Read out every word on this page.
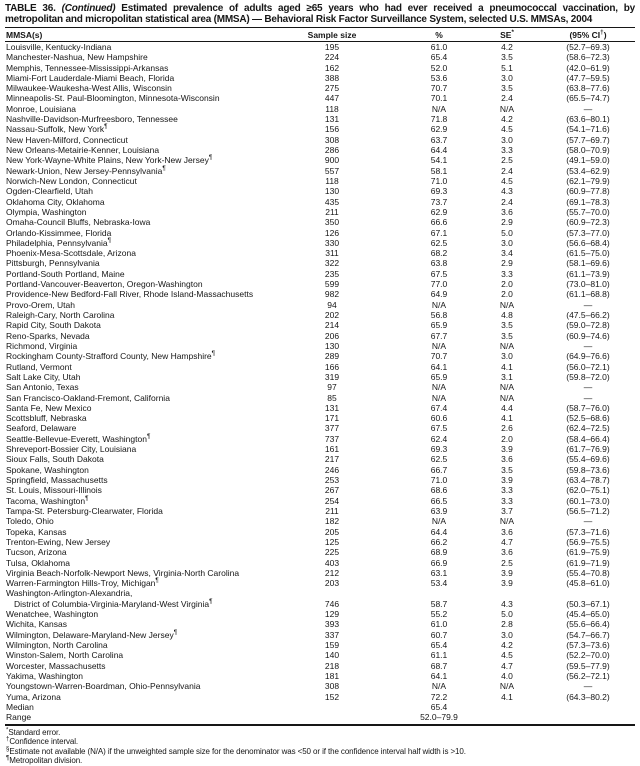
TABLE 36. (Continued) Estimated prevalence of adults aged ≥65 years who had ever received a pneumococcal vaccination, by metropolitan and micropolitan statistical area (MMSA) — Behavioral Risk Factor Surveillance System, selected U.S. MMSAs, 2004

MMSA(s)	Sample size	%	SE*	(95% CI†)

Louisville, Kentucky-Indiana	195	61.0	4.2	(52.7–69.3)

Manchester-Nashua, New Hampshire	224	65.4	3.5	(58.6–72.3)

Memphis, Tennessee-Mississippi-Arkansas	162	52.0	5.1	(42.0–61.9)

Miami-Fort Lauderdale-Miami Beach, Florida	388	53.6	3.0	(47.7–59.5)

Milwaukee-Waukesha-West Allis, Wisconsin	275	70.7	3.5	(63.8–77.6)

Minneapolis-St. Paul-Bloomington, Minnesota-Wisconsin	447	70.1	2.4	(65.5–74.7)

Monroe, Louisiana	118	N/A	N/A	—

Nashville-Davidson-Murfreesboro, Tennessee	131	71.8	4.2	(63.6–80.1)

Nassau-Suffolk, New York¶	156	62.9	4.5	(54.1–71.6)

New Haven-Milford, Connecticut	308	63.7	3.0	(57.7–69.7)

New Orleans-Metairie-Kenner, Louisiana	286	64.4	3.3	(58.0–70.9)

New York-Wayne-White Plains, New York-New Jersey¶	900	54.1	2.5	(49.1–59.0)

Newark-Union, New Jersey-Pennsylvania¶	557	58.1	2.4	(53.4–62.9)

Norwich-New London, Connecticut	118	71.0	4.5	(62.1–79.9)

Ogden-Clearfield, Utah	130	69.3	4.3	(60.9–77.8)

Oklahoma City, Oklahoma	435	73.7	2.4	(69.1–78.3)

Olympia, Washington	211	62.9	3.6	(55.7–70.0)

Omaha-Council Bluffs, Nebraska-Iowa	350	66.6	2.9	(60.9–72.3)

Orlando-Kissimmee, Florida	126	67.1	5.0	(57.3–77.0)

Philadelphia, Pennsylvania¶	330	62.5	3.0	(56.6–68.4)

Phoenix-Mesa-Scottsdale, Arizona	311	68.2	3.4	(61.5–75.0)

Pittsburgh, Pennsylvania	322	63.8	2.9	(58.1–69.6)

Portland-South Portland, Maine	235	67.5	3.3	(61.1–73.9)

Portland-Vancouver-Beaverton, Oregon-Washington	599	77.0	2.0	(73.0–81.0)

Providence-New Bedford-Fall River, Rhode Island-Massachusetts	982	64.9	2.0	(61.1–68.8)

Provo-Orem, Utah	94	N/A	N/A	—

Raleigh-Cary, North Carolina	202	56.8	4.8	(47.5–66.2)

Rapid City, South Dakota	214	65.9	3.5	(59.0–72.8)

Reno-Sparks, Nevada	206	67.7	3.5	(60.9–74.6)

Richmond, Virginia	130	N/A	N/A	—

Rockingham County-Strafford County, New Hampshire¶	289	70.7	3.0	(64.9–76.6)

Rutland, Vermont	166	64.1	4.1	(56.0–72.1)

Salt Lake City, Utah	319	65.9	3.1	(59.8–72.0)

San Antonio, Texas	97	N/A	N/A	—

San Francisco-Oakland-Fremont, California	85	N/A	N/A	—

Santa Fe, New Mexico	131	67.4	4.4	(58.7–76.0)

Scottsbluff, Nebraska	171	60.6	4.1	(52.5–68.6)

Seaford, Delaware	377	67.5	2.6	(62.4–72.5)

Seattle-Bellevue-Everett, Washington¶	737	62.4	2.0	(58.4–66.4)

Shreveport-Bossier City, Louisiana	161	69.3	3.9	(61.7–76.9)

Sioux Falls, South Dakota	217	62.5	3.6	(55.4–69.6)

Spokane, Washington	246	66.7	3.5	(59.8–73.6)

Springfield, Massachusetts	253	71.0	3.9	(63.4–78.7)

St. Louis, Missouri-Illinois	267	68.6	3.3	(62.0–75.1)

Tacoma, Washington¶	254	66.5	3.3	(60.1–73.0)

Tampa-St. Petersburg-Clearwater, Florida	211	63.9	3.7	(56.5–71.2)

Toledo, Ohio	182	N/A	N/A	—

Topeka, Kansas	205	64.4	3.6	(57.3–71.6)

Trenton-Ewing, New Jersey	125	66.2	4.7	(56.9–75.5)

Tucson, Arizona	225	68.9	3.6	(61.9–75.9)

Tulsa, Oklahoma	403	66.9	2.5	(61.9–71.9)

Virginia Beach-Norfolk-Newport News, Virginia-North Carolina	212	63.1	3.9	(55.4–70.8)

Warren-Farmington Hills-Troy, Michigan¶	203	53.4	3.9	(45.8–61.0)

Washington-Arlington-Alexandria,
District of Columbia-Virginia-Maryland-West Virginia¶	746	58.7	4.3	(50.3–67.1)

Wenatchee, Washington	129	55.2	5.0	(45.4–65.0)

Wichita, Kansas	393	61.0	2.8	(55.6–66.4)

Wilmington, Delaware-Maryland-New Jersey¶	337	60.7	3.0	(54.7–66.7)

Wilmington, North Carolina	159	65.4	4.2	(57.3–73.6)

Winston-Salem, North Carolina	140	61.1	4.5	(52.2–70.0)

Worcester, Massachusetts	218	68.7	4.7	(59.5–77.9)

Yakima, Washington	181	64.1	4.0	(56.2–72.1)

Youngstown-Warren-Boardman, Ohio-Pennsylvania	308	N/A	N/A	—

Yuma, Arizona	152	72.2	4.1	(64.3–80.2)

Median		65.4		

Range		52.0–79.9		
*Standard error.
†Confidence interval.
§Estimate not available (N/A) if the unweighted sample size for the denominator was <50 or if the confidence interval half width is >10.
¶Metropolitan division.
